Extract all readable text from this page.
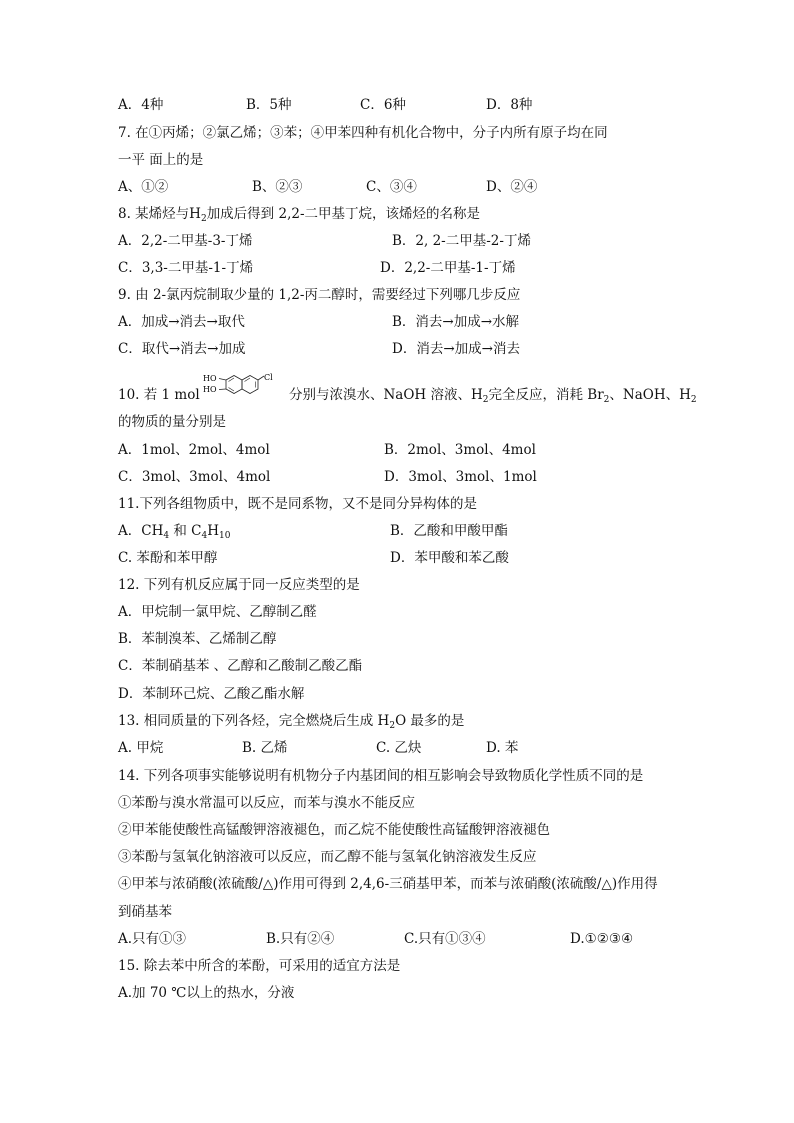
A．4种	B．5种	C．6种	D．8种
7. 在①丙烯；②氯乙烯；③苯；④甲苯四种有机化合物中，分子内所有原子均在同
一平 面上的是
A、①②	B、②③	C、③④	D、②④
8. 某烯烃与$H_2$加成后得到 2,2-二甲基丁烷，该烯烃的名称是
A．2,2-二甲基-3-丁烯	B．2, 2-二甲基-2-丁烯
C．3,3-二甲基-1-丁烯	D．2,2-二甲基-1-丁烯
9. 由 2-氯丙烷制取少量的 1,2-丙二醇时，需要经过下列哪几步反应
A．加成→消去→取代	B．消去→加成→水解
C．取代→消去→加成	D．消去→加成→消去
10. 若 1 mol
HO
HO
Cl
分别与浓溴水、NaOH 溶液、$H_2$完全反应，消耗 $Br_2$、NaOH、$H_2$
的物质的量分别是
A．1mol、2mol、4mol	B．2mol、3mol、4mol
C．3mol、3mol、4mol	D．3mol、3mol、1mol
11.下列各组物质中，既不是同系物，又不是同分异构体的是
A．$CH_4$ 和 $C_4H_{10}$	B．乙酸和甲酸甲酯
C. 苯酚和苯甲醇	D．苯甲酸和苯乙酸
12. 下列有机反应属于同一反应类型的是
A．甲烷制一氯甲烷、乙醇制乙醛
B．苯制溴苯、乙烯制乙醇
C．苯制硝基苯 、乙醇和乙酸制乙酸乙酯
D．苯制环己烷、乙酸乙酯水解
13. 相同质量的下列各烃，完全燃烧后生成 $H_2O$ 最多的是
A. 甲烷	B. 乙烯	C. 乙炔	D. 苯
14. 下列各项事实能够说明有机物分子内基团间的相互影响会导致物质化学性质不同的是
①苯酚与溴水常温可以反应，而苯与溴水不能反应
②甲苯能使酸性高锰酸钾溶液褪色，而乙烷不能使酸性高锰酸钾溶液褪色
③苯酚与氢氧化钠溶液可以反应，而乙醇不能与氢氧化钠溶液发生反应
④甲苯与浓硝酸(浓硫酸/△)作用可得到 2,4,6-三硝基甲苯，而苯与浓硝酸(浓硫酸/△)作用得
到硝基苯
A.只有①③	B.只有②④	C.只有①③④	D.①②③④
15. 除去苯中所含的苯酚，可采用的适宜方法是
A.加 70 ℃以上的热水，分液
